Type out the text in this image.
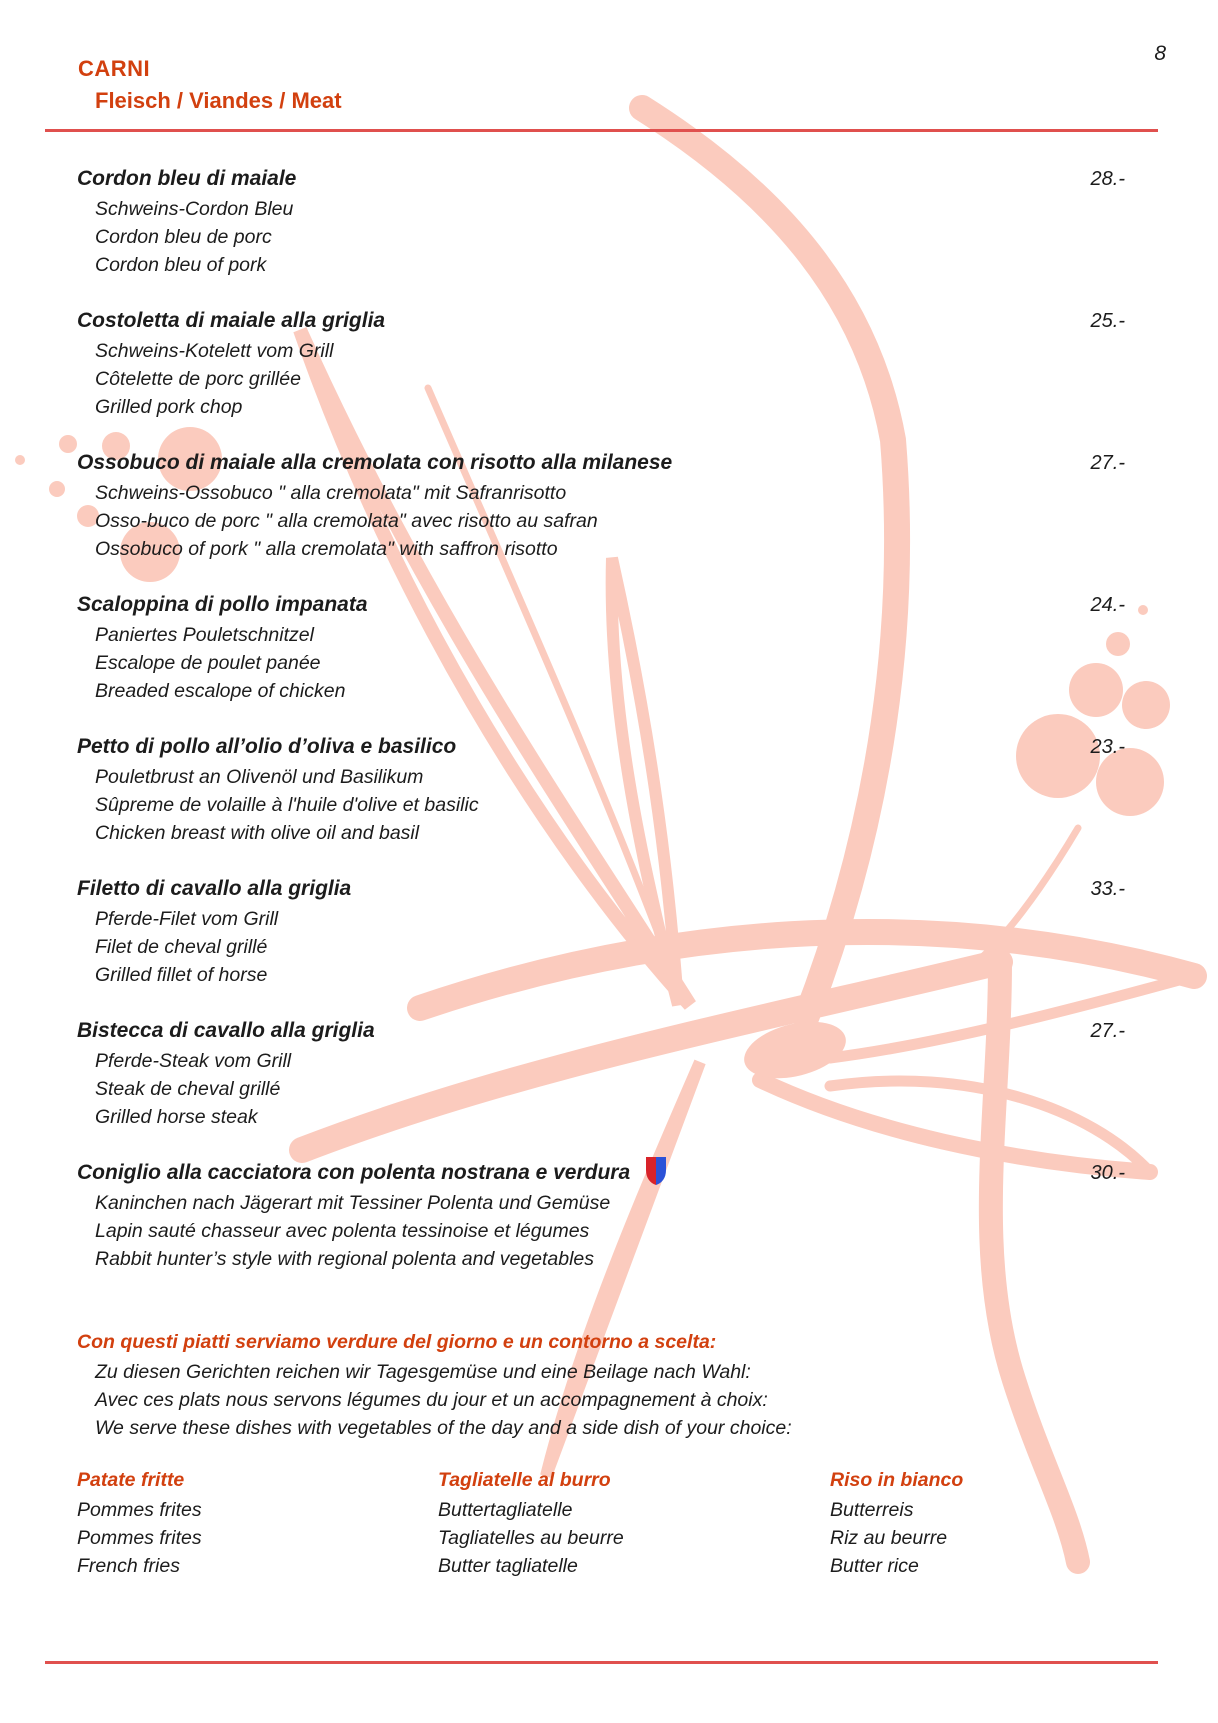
CARNI
Fleisch / Viandes / Meat
8
Cordon bleu di maiale	28.-
Schweins-Cordon Bleu
Cordon bleu de porc
Cordon bleu of pork
Costoletta di maiale alla griglia	25.-
Schweins-Kotelett vom Grill
Côtelette de porc grillée
Grilled pork chop
Ossobuco di maiale alla cremolata con risotto alla milanese	27.-
Schweins-Ossobuco " alla cremolata" mit Safranrisotto
Osso-buco de porc " alla cremolata" avec risotto au safran
Ossobuco of pork " alla cremolata" with saffron risotto
Scaloppina di pollo impanata	24.-
Paniertes Pouletschnitzel
Escalope de poulet panée
Breaded escalope of chicken
Petto di pollo all’olio d’oliva e basilico	23.-
Pouletbrust an Olivenöl und Basilikum
Sûpreme de volaille à l'huile d'olive et basilic
Chicken breast with olive oil and basil
Filetto di cavallo alla griglia	33.-
Pferde-Filet vom Grill
Filet de cheval grillé
Grilled fillet of horse
Bistecca di cavallo alla griglia	27.-
Pferde-Steak vom Grill
Steak de cheval grillé
Grilled horse steak
Coniglio alla cacciatora con polenta nostrana e verdura	30.-
Kaninchen nach Jägerart mit Tessiner Polenta und Gemüse
Lapin sauté chasseur avec polenta tessinoise et légumes
Rabbit hunter’s style with regional polenta and vegetables
Con questi piatti serviamo verdure del giorno e un contorno a scelta:
Zu diesen Gerichten reichen wir Tagesgemüse und eine Beilage nach Wahl:
Avec ces plats nous servons légumes du jour et un accompagnement à choix:
We serve these dishes with vegetables of the day and a side dish of your choice:
Patate fritte
Pommes frites
Pommes frites
French fries
Tagliatelle al burro
Buttertagliatelle
Tagliatelles au beurre
Butter tagliatelle
Riso in bianco
Butterreis
Riz au beurre
Butter rice
